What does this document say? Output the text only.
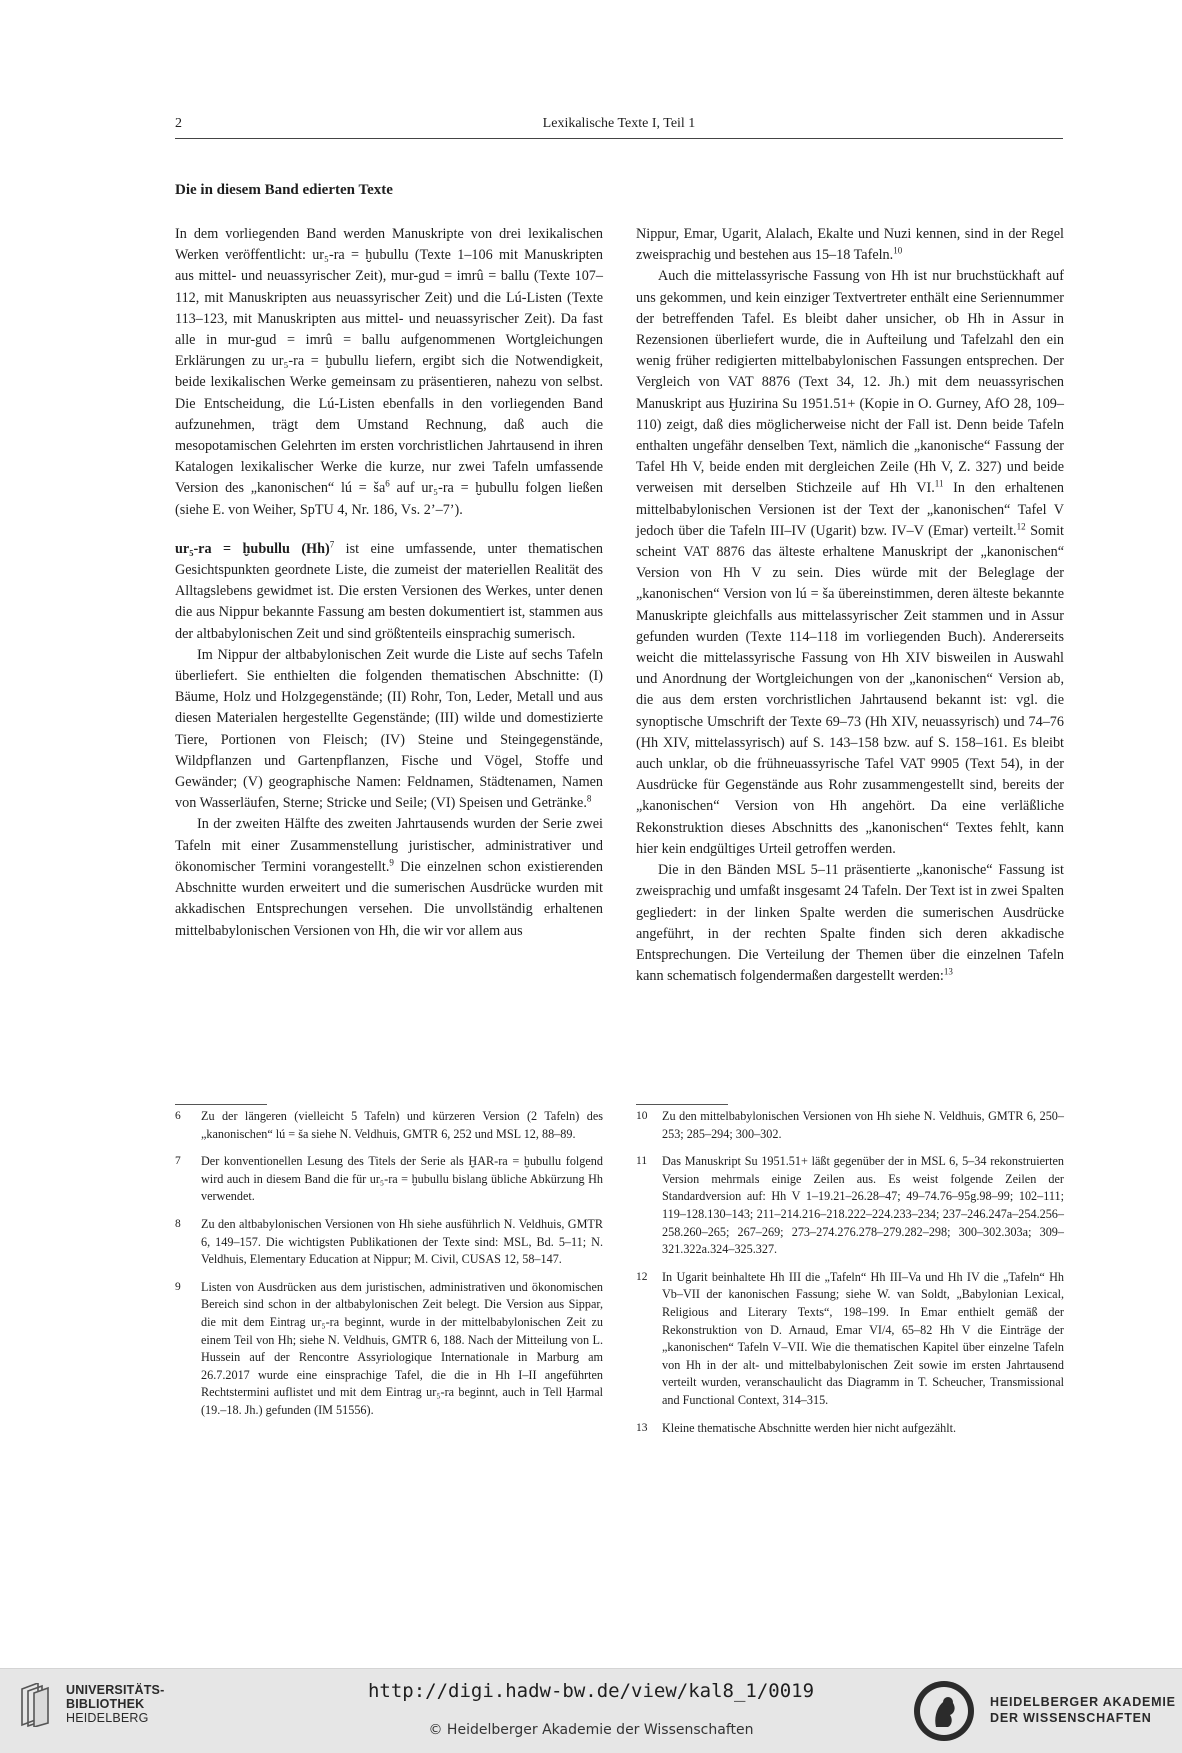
2	Lexikalische Texte I, Teil 1
Die in diesem Band edierten Texte

In dem vorliegenden Band werden Manuskripte von drei lexikalischen Werken veröffentlicht: ur₅-ra = ḫubullu (Texte 1–106 mit Manuskripten aus mittel- und neuassyrischer Zeit), mur-gud = imrû = ballu (Texte 107–112, mit Manuskripten aus neuassyrischer Zeit) und die Lú-Listen (Texte 113–123, mit Manuskripten aus mittel- und neuassyrischer Zeit). Da fast alle in mur-gud = imrû = ballu aufgenommenen Wortgleichungen Erklärungen zu ur₅-ra = ḫubullu liefern, ergibt sich die Notwendigkeit, beide lexikalischen Werke gemeinsam zu präsentieren, nahezu von selbst. Die Entscheidung, die Lú-Listen ebenfalls in den vorliegenden Band aufzunehmen, trägt dem Umstand Rechnung, daß auch die mesopotamischen Gelehrten im ersten vorchristlichen Jahrtausend in ihren Katalogen lexikalischer Werke die kurze, nur zwei Tafeln umfassende Version des „kanonischen“ lú = $ša^6$ auf ur₅-ra = ḫubullu folgen ließen (siehe E. von Weiher, SpTU 4, Nr. 186, Vs. 2’–7’).

ur₅-ra = ḫubullu $(Hh)^7$ ist eine umfassende, unter thematischen Gesichtspunkten geordnete Liste, die zumeist der materiellen Realität des Alltagslebens gewidmet ist. Die ersten Versionen des Werkes, unter denen die aus Nippur bekannte Fassung am besten dokumentiert ist, stammen aus der altbabylonischen Zeit und sind größtenteils einsprachig sumerisch.

Im Nippur der altbabylonischen Zeit wurde die Liste auf sechs Tafeln überliefert. Sie enthielten die folgenden thematischen Abschnitte: (I) Bäume, Holz und Holzgegenstände; (II) Rohr, Ton, Leder, Metall und aus diesen Materialen hergestellte Gegenstände; (III) wilde und domestizierte Tiere, Portionen von Fleisch; (IV) Steine und Steingegenstände, Wildpflanzen und Gartenpflanzen, Fische und Vögel, Stoffe und Gewänder; (V) geographische Namen: Feldnamen, Städtenamen, Namen von Wasserläufen, Sterne; Stricke und Seile; (VI) Speisen und Getränke.$^8$

In der zweiten Hälfte des zweiten Jahrtausends wurden der Serie zwei Tafeln mit einer Zusammenstellung juristischer, administrativer und ökonomischer Termini vorangestellt.$^9$ Die einzelnen schon existierenden Abschnitte wurden erweitert und die sumerischen Ausdrücke wurden mit akkadischen Entsprechungen versehen. Die unvollständig erhaltenen mittelbabylonischen Versionen von Hh, die wir vor allem aus

Nippur, Emar, Ugarit, Alalach, Ekalte und Nuzi kennen, sind in der Regel zweisprachig und bestehen aus 15–18 Tafeln.$^{10}$

Auch die mittelassyrische Fassung von Hh ist nur bruchstückhaft auf uns gekommen, und kein einziger Textvertreter enthält eine Seriennummer der betreffenden Tafel. Es bleibt daher unsicher, ob Hh in Assur in Rezensionen überliefert wurde, die in Aufteilung und Tafelzahl den ein wenig früher redigierten mittelbabylonischen Fassungen entsprechen. Der Vergleich von VAT 8876 (Text 34, 12. Jh.) mit dem neuassyrischen Manuskript aus Ḫuzirina Su 1951.51+ (Kopie in O. Gurney, AfO 28, 109–110) zeigt, daß dies möglicherweise nicht der Fall ist. Denn beide Tafeln enthalten ungefähr denselben Text, nämlich die „kanonische“ Fassung der Tafel Hh V, beide enden mit dergleichen Zeile (Hh V, Z. 327) und beide verweisen mit derselben Stichzeile auf Hh VI.$^{11}$ In den erhaltenen mittelbabylonischen Versionen ist der Text der „kanonischen“ Tafel V jedoch über die Tafeln III–IV (Ugarit) bzw. IV–V (Emar) verteilt.$^{12}$ Somit scheint VAT 8876 das älteste erhaltene Manuskript der „kanonischen“ Version von Hh V zu sein. Dies würde mit der Beleglage der „kanonischen“ Version von lú = ša übereinstimmen, deren älteste bekannte Manuskripte gleichfalls aus mittelassyrischer Zeit stammen und in Assur gefunden wurden (Texte 114–118 im vorliegenden Buch). Andererseits weicht die mittelassyrische Fassung von Hh XIV bisweilen in Auswahl und Anordnung der Wortgleichungen von der „kanonischen“ Version ab, die aus dem ersten vorchristlichen Jahrtausend bekannt ist: vgl. die synoptische Umschrift der Texte 69–73 (Hh XIV, neuassyrisch) und 74–76 (Hh XIV, mittelassyrisch) auf S. 143–158 bzw. auf S. 158–161. Es bleibt auch unklar, ob die frühneuassyrische Tafel VAT 9905 (Text 54), in der Ausdrücke für Gegenstände aus Rohr zusammengestellt sind, bereits der „kanonischen“ Version von Hh angehört. Da eine verläßliche Rekonstruktion dieses Abschnitts des „kanonischen“ Textes fehlt, kann hier kein endgültiges Urteil getroffen werden.

Die in den Bänden MSL 5–11 präsentierte „kanonische“ Fassung ist zweisprachig und umfaßt insgesamt 24 Tafeln. Der Text ist in zwei Spalten gegliedert: in der linken Spalte werden die sumerischen Ausdrücke angeführt, in der rechten Spalte finden sich deren akkadische Entsprechungen. Die Verteilung der Themen über die einzelnen Tafeln kann schematisch folgendermaßen dargestellt werden:$^{13}$

6	Zu der längeren (vielleicht 5 Tafeln) und kürzeren Version (2 Tafeln) des „kanonischen“ lú = ša siehe N. Veldhuis, GMTR 6, 252 und MSL 12, 88–89.
7	Der konventionellen Lesung des Titels der Serie als ḪAR-ra = ḫubullu folgend wird auch in diesem Band die für ur₅-ra = ḫubullu bislang übliche Abkürzung Hh verwendet.
8	Zu den altbabylonischen Versionen von Hh siehe ausführlich N. Veldhuis, GMTR 6, 149–157. Die wichtigsten Publikationen der Texte sind: MSL, Bd. 5–11; N. Veldhuis, Elementary Education at Nippur; M. Civil, CUSAS 12, 58–147.
9	Listen von Ausdrücken aus dem juristischen, administrativen und ökonomischen Bereich sind schon in der altbabylonischen Zeit belegt. Die Version aus Sippar, die mit dem Eintrag ur₅-ra beginnt, wurde in der mittelbabylonischen Zeit zu einem Teil von Hh; siehe N. Veldhuis, GMTR 6, 188. Nach der Mitteilung von L. Hussein auf der Rencontre Assyriologique Internationale in Marburg am 26.7.2017 wurde eine einsprachige Tafel, die die in Hh I–II angeführten Rechtstermini auflistet und mit dem Eintrag ur₅-ra beginnt, auch in Tell Ḥarmal (19.–18. Jh.) gefunden (IM 51556).
10	Zu den mittelbabylonischen Versionen von Hh siehe N. Veldhuis, GMTR 6, 250–253; 285–294; 300–302.
11	Das Manuskript Su 1951.51+ läßt gegenüber der in MSL 6, 5–34 rekonstruierten Version mehrmals einige Zeilen aus. Es weist folgende Zeilen der Standardversion auf: Hh V 1–19.21–26.28–47; 49–74.76–95g.98–99; 102–111; 119–128.130–143; 211–214.216–218.222–224.233–234; 237–246.247a–254.256–258.260–265; 267–269; 273–274.276.278–279.282–298; 300–302.303a; 309–321.322a.324–325.327.
12	In Ugarit beinhaltete Hh III die „Tafeln“ Hh III–Va und Hh IV die „Tafeln“ Hh Vb–VII der kanonischen Fassung; siehe W. van Soldt, „Babylonian Lexical, Religious and Literary Texts“, 198–199. In Emar enthielt gemäß der Rekonstruktion von D. Arnaud, Emar VI/4, 65–82 Hh V die Einträge der „kanonischen“ Tafeln V–VII. Wie die thematischen Kapitel über einzelne Tafeln von Hh in der alt- und mittelbabylonischen Zeit sowie im ersten Jahrtausend verteilt wurden, veranschaulicht das Diagramm in T. Scheucher, Transmissional and Functional Context, 314–315.
13	Kleine thematische Abschnitte werden hier nicht aufgezählt.
UNIVERSITÄTS-
BIBLIOTHEK
HEIDELBERG
http://digi.hadw-bw.de/view/kal8_1/0019
© Heidelberger Akademie der Wissenschaften
HEIDELBERGER AKADEMIE
DER WISSENSCHAFTEN
